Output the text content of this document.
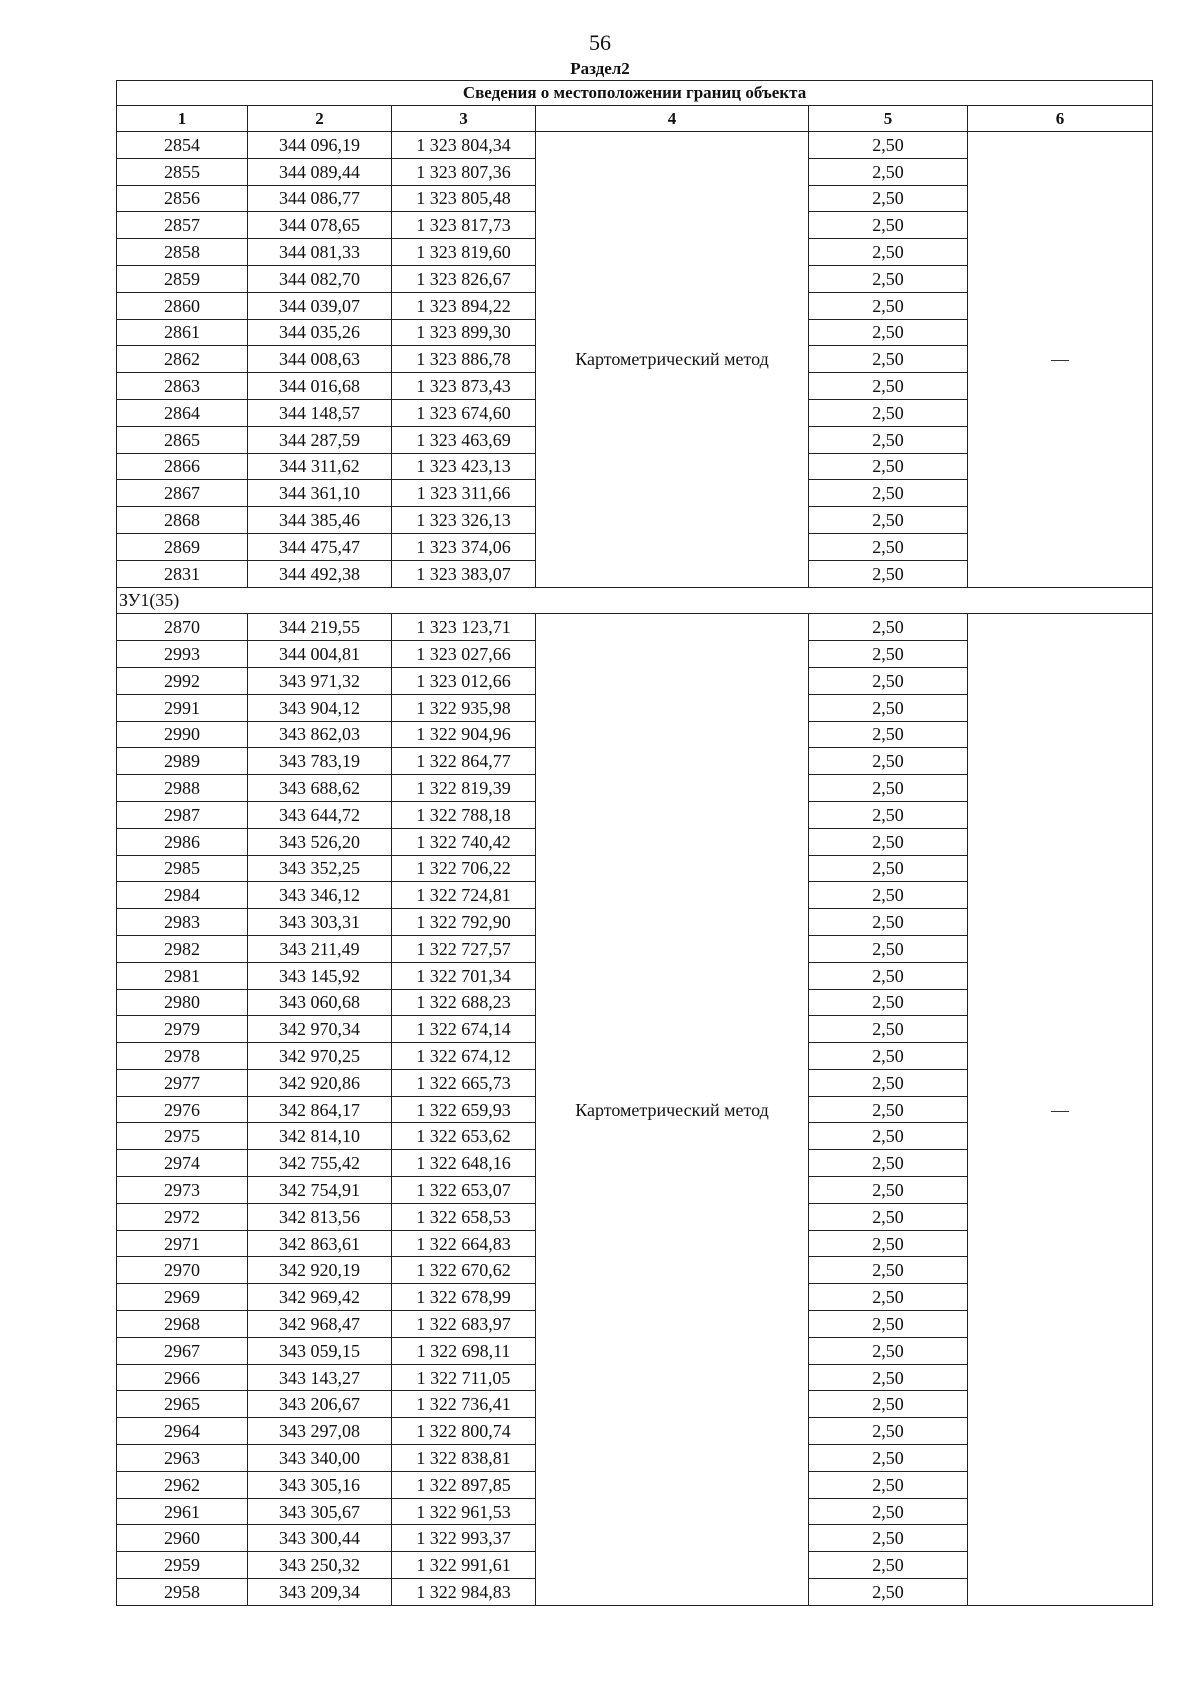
56
Раздел2
Сведения о местоположении границ объекта					
1	2	3	4	5	6
2854	344 096,19	1 323 804,34	Картометрический метод	2,50	—
2855	344 089,44	1 323 807,36		2,50	
2856	344 086,77	1 323 805,48		2,50	
2857	344 078,65	1 323 817,73		2,50	
2858	344 081,33	1 323 819,60		2,50	
2859	344 082,70	1 323 826,67		2,50	
2860	344 039,07	1 323 894,22		2,50	
2861	344 035,26	1 323 899,30		2,50	
2862	344 008,63	1 323 886,78		2,50	
2863	344 016,68	1 323 873,43		2,50	
2864	344 148,57	1 323 674,60		2,50	
2865	344 287,59	1 323 463,69		2,50	
2866	344 311,62	1 323 423,13		2,50	
2867	344 361,10	1 323 311,66		2,50	
2868	344 385,46	1 323 326,13		2,50	
2869	344 475,47	1 323 374,06		2,50	
2831	344 492,38	1 323 383,07		2,50	
ЗУ1(35)					
2870	344 219,55	1 323 123,71	Картометрический метод	2,50	—
2993	344 004,81	1 323 027,66		2,50	
2992	343 971,32	1 323 012,66		2,50	
2991	343 904,12	1 322 935,98		2,50	
2990	343 862,03	1 322 904,96		2,50	
2989	343 783,19	1 322 864,77		2,50	
2988	343 688,62	1 322 819,39		2,50	
2987	343 644,72	1 322 788,18		2,50	
2986	343 526,20	1 322 740,42		2,50	
2985	343 352,25	1 322 706,22		2,50	
2984	343 346,12	1 322 724,81		2,50	
2983	343 303,31	1 322 792,90		2,50	
2982	343 211,49	1 322 727,57		2,50	
2981	343 145,92	1 322 701,34		2,50	
2980	343 060,68	1 322 688,23		2,50	
2979	342 970,34	1 322 674,14		2,50	
2978	342 970,25	1 322 674,12		2,50	
2977	342 920,86	1 322 665,73		2,50	
2976	342 864,17	1 322 659,93		2,50	
2975	342 814,10	1 322 653,62		2,50	
2974	342 755,42	1 322 648,16		2,50	
2973	342 754,91	1 322 653,07		2,50	
2972	342 813,56	1 322 658,53		2,50	
2971	342 863,61	1 322 664,83		2,50	
2970	342 920,19	1 322 670,62		2,50	
2969	342 969,42	1 322 678,99		2,50	
2968	342 968,47	1 322 683,97		2,50	
2967	343 059,15	1 322 698,11		2,50	
2966	343 143,27	1 322 711,05		2,50	
2965	343 206,67	1 322 736,41		2,50	
2964	343 297,08	1 322 800,74		2,50	
2963	343 340,00	1 322 838,81		2,50	
2962	343 305,16	1 322 897,85		2,50	
2961	343 305,67	1 322 961,53		2,50	
2960	343 300,44	1 322 993,37		2,50	
2959	343 250,32	1 322 991,61		2,50	
2958	343 209,34	1 322 984,83		2,50	
